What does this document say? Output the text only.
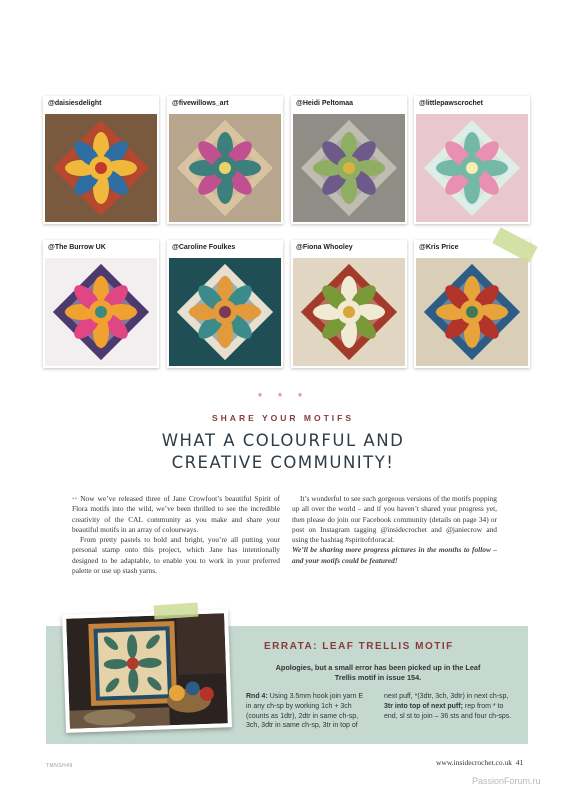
@daisiesdelight	@fivewillows_art	@Heidi Peltomaa	@littlepawscrochet
@The Burrow UK	@Caroline Foulkes	@Fiona Whooley	@Kris Price
* * *
SHARE YOUR MOTIFS
WHAT A COLOURFUL AND
CREATIVE COMMUNITY!

•• Now we’ve released three of Jane Crowfoot’s beautiful Spirit of Flora motifs into the wild, we’ve been thrilled to see the incredible creativity of the CAL community as you make and share your beautiful motifs in an array of colourways.

From pretty pastels to bold and bright, you’re all putting your personal stamp onto this project, which Jane has intentionally designed to be adaptable, to enable you to work in your preferred palette or use up stash yarns.

It’s wonderful to see such gorgeous versions of the motifs popping up all over the world – and if you haven’t shared your progress yet, then please do join our Facebook community (details on page 34) or post on Instagram tagging @insidecrochet and @janiecrow and using the hashtag #spiritofrloracal.

We’ll be sharing more progress pictures in the months to follow – and your motifs could be featured!

ERRATA: LEAF TRELLIS MOTIF
Apologies, but a small error has been picked up in the Leaf Trellis motif in issue 154.
Rnd 4: Using 3.5mm hook join yarn E in any ch-sp by working 1ch + 3ch (counts as 1dtr), 2dtr in same ch-sp, 3ch, 3dtr in same ch-sp, 3tr in top of
next puff, *(3dtr, 3ch, 3dtr) in next ch-sp, 3tr into top of next puff; rep from * to end, sl st to join – 36 sts and four ch-sps.
TMNSH49	www.insidecrochet.co.uk 41
PassionForum.ru
